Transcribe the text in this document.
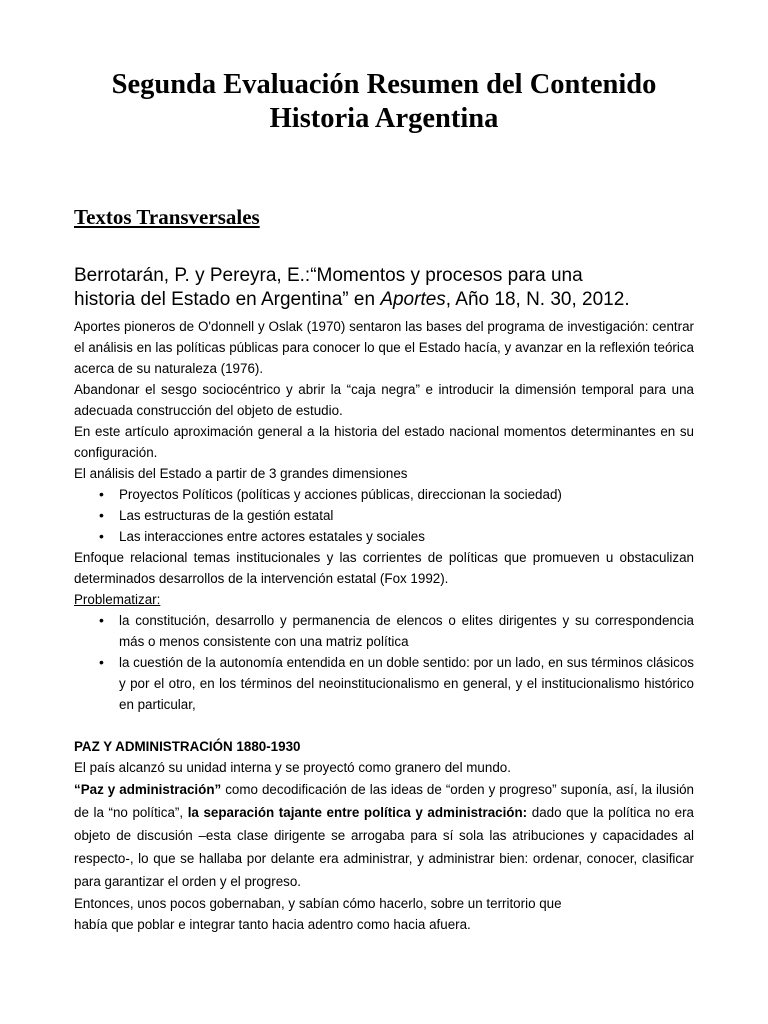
Segunda Evaluación Resumen del Contenido
Historia Argentina
Textos Transversales

Berrotarán, P. y Pereyra, E.:“Momentos y procesos para una
historia del Estado en Argentina” en Aportes, Año 18, N. 30, 2012.

Aportes pioneros de O'donnell y Oslak (1970) sentaron las bases del programa de investigación: centrar el análisis en las políticas públicas para conocer lo que el Estado hacía, y avanzar en la reflexión teórica acerca de su naturaleza (1976).

Abandonar el sesgo sociocéntrico y abrir la “caja negra” e introducir la dimensión temporal para una adecuada construcción del objeto de estudio.

En este artículo aproximación general a la historia del estado nacional momentos determinantes en su configuración.

El análisis del Estado a partir de 3 grandes dimensiones

• Proyectos Políticos (políticas y acciones públicas, direccionan la sociedad)
• Las estructuras de la gestión estatal
• Las interacciones entre actores estatales y sociales

Enfoque relacional temas institucionales y las corrientes de políticas que promueven u obstaculizan determinados desarrollos de la intervención estatal (Fox 1992).

Problematizar:

• la constitución, desarrollo y permanencia de elencos o elites dirigentes y su correspondencia más o menos consistente con una matriz política
• la cuestión de la autonomía entendida en un doble sentido: por un lado, en sus términos clásicos y por el otro, en los términos del neoinstitucionalismo en general, y el institucionalismo histórico en particular,

PAZ Y ADMINISTRACIÓN 1880-1930

El país alcanzó su unidad interna y se proyectó como granero del mundo.

“Paz y administración” como decodificación de las ideas de “orden y progreso” suponía, así, la ilusión de la “no política”, la separación tajante entre política y administración: dado que la política no era objeto de discusión –esta clase dirigente se arrogaba para sí sola las atribuciones y capacidades al respecto-, lo que se hallaba por delante era administrar, y administrar bien: ordenar, conocer, clasificar para garantizar el orden y el progreso.

Entonces, unos pocos gobernaban, y sabían cómo hacerlo, sobre un territorio que
había que poblar e integrar tanto hacia adentro como hacia afuera.
